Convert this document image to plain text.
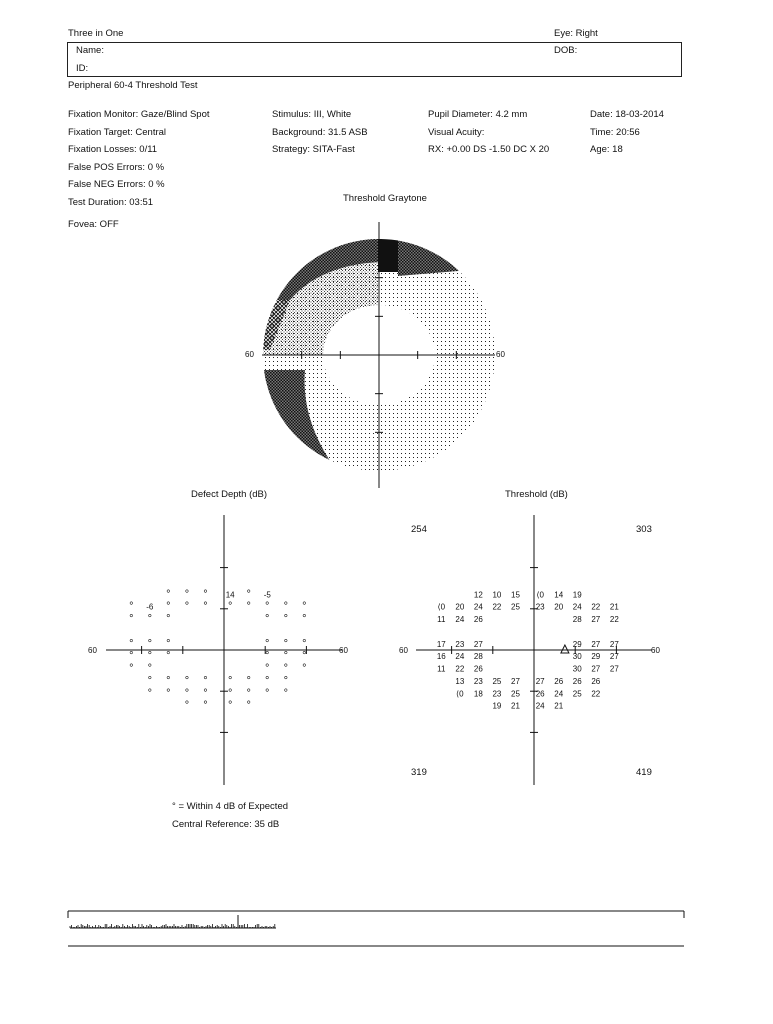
Three in One	Eye: Right
Name:	DOB:
ID:
Peripheral 60-4 Threshold Test
Fixation Monitor: Gaze/Blind Spot
Fixation Target: Central
Fixation Losses: 0/11
False POS Errors: 0 %
False NEG Errors: 0 %
Test Duration: 03:51
Fovea: OFF
Stimulus: III, White
Background: 31.5 ASB
Strategy: SITA-Fast
Pupil Diameter: 4.2 mm
Visual Acuity:
RX: +0.00 DS -1.50 DC X 20
Date: 18-03-2014
Time: 20:56
Age: 18
Threshold Graytone
60	60
Defect Depth (dB)
° ° ° 14 ° -5
° -6 ° ° ° ° ° ° ° °
° ° °	° ° °
° ° °	° ° °
° ° °	° ° °
° °	° ° °
° ° ° ° ° ° ° °
° ° ° ° ° ° ° °
° ° ° °
60	60
Threshold (dB)
12 10 15 ⟨0 14 19
⟨0 20 24 22 25 23 20 24 22 21
11 24 26	28 27 22
17 23 27	29 27 27
16 24 28	30 29 27
11 22 26	30 27 27
13 23 25 27 27 26 26 26
⟨0 18 23 25 26 24 25 22
19 21 24 21
254	303
319	419
60	60
° = Within 4 dB of Expected
Central Reference: 35 dB
